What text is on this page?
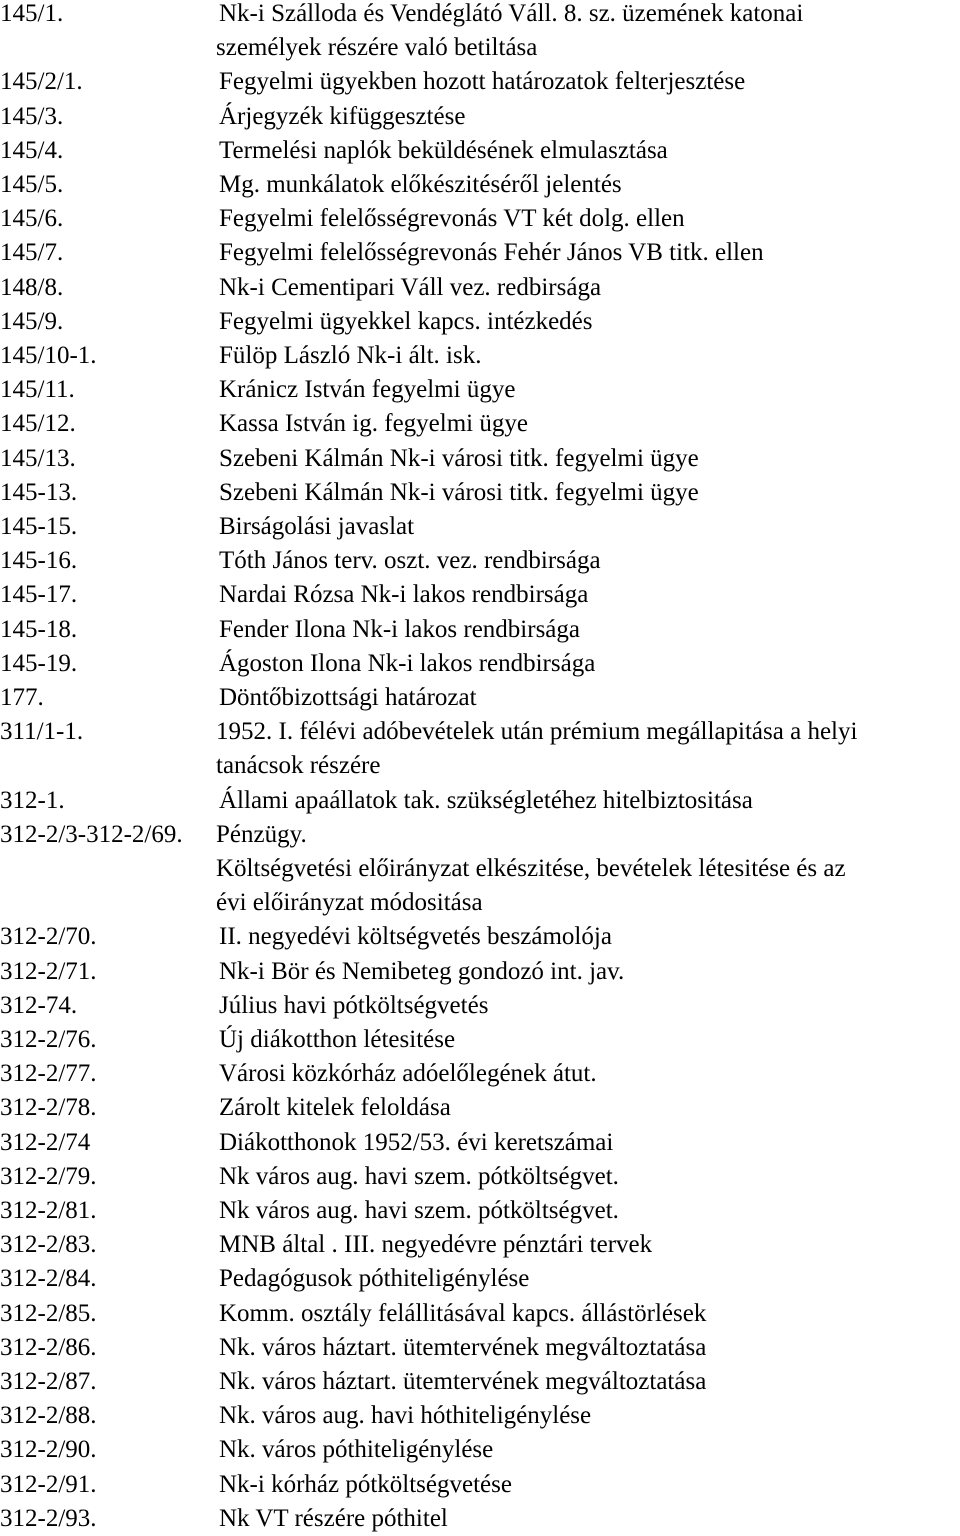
145/1.	Nk-i Szálloda és Vendéglátó Váll. 8. sz. üzemének katonai
személyek részére való betiltása
145/2/1.	Fegyelmi ügyekben hozott határozatok felterjesztése
145/3.	Árjegyzék kifüggesztése
145/4.	Termelési naplók beküldésének elmulasztása
145/5.	Mg. munkálatok előkészitéséről jelentés
145/6.	Fegyelmi felelősségrevonás VT két dolg. ellen
145/7.	Fegyelmi felelősségrevonás Fehér János VB titk. ellen
148/8.	Nk-i Cementipari Váll vez. redbirsága
145/9.	Fegyelmi ügyekkel kapcs. intézkedés
145/10-1.	Fülöp László Nk-i ált. isk.
145/11.	Kránicz István fegyelmi ügye
145/12.	Kassa István ig. fegyelmi ügye
145/13.	Szebeni Kálmán Nk-i városi titk. fegyelmi ügye
145-13.	Szebeni Kálmán Nk-i városi titk. fegyelmi ügye
145-15.	Birságolási javaslat
145-16.	Tóth János terv. oszt. vez. rendbirsága
145-17.	Nardai Rózsa Nk-i lakos rendbirsága
145-18.	Fender Ilona Nk-i lakos rendbirsága
145-19.	Ágoston Ilona Nk-i lakos rendbirsága
177.	Döntőbizottsági határozat
311/1-1.	1952. I. félévi adóbevételek után prémium megállapitása a helyi
tanácsok részére
312-1.	Állami apaállatok tak. szükségletéhez hitelbiztositása
312-2/3-312-2/69. Pénzügy.
Költségvetési előirányzat elkészitése, bevételek létesitése és az
évi előirányzat módositása
312-2/70.	II. negyedévi költségvetés beszámolója
312-2/71.	Nk-i Bör és Nemibeteg gondozó int. jav.
312-74.	Július havi pótköltségvetés
312-2/76.	Új diákotthon létesitése
312-2/77.	Városi közkórház adóelőlegének átut.
312-2/78.	Zárolt kitelek feloldása
312-2/74	Diákotthonok 1952/53. évi keretszámai
312-2/79.	Nk város aug. havi szem. pótköltségvet.
312-2/81.	Nk város aug. havi szem. pótköltségvet.
312-2/83.	MNB által . III. negyedévre pénztári tervek
312-2/84.	Pedagógusok póthiteligénylése
312-2/85.	Komm. osztály felállitásával kapcs. állástörlések
312-2/86.	Nk. város háztart. ütemtervének megváltoztatása
312-2/87.	Nk. város háztart. ütemtervének megváltoztatása
312-2/88.	Nk. város aug. havi hóthiteligénylése
312-2/90.	Nk. város póthiteligénylése
312-2/91.	Nk-i kórház pótköltségvetése
312-2/93.	Nk VT részére póthitel
